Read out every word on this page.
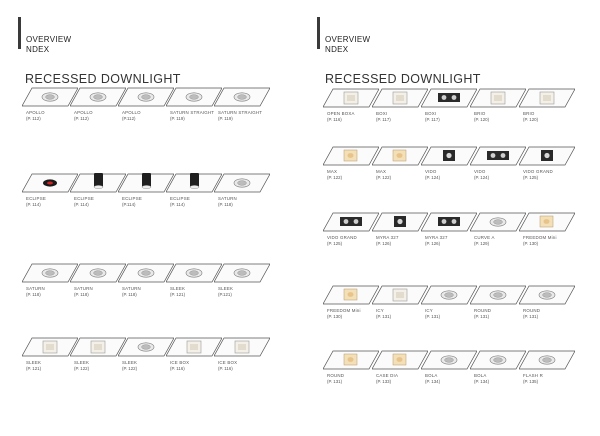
OVERVIEW
NDEX
RECESSED DOWNLIGHT
APOLLO
(P. 112)
APOLLO
(P. 112)
APOLLO
(P.112)
SATURN STRAIGHT
(P. 119)
SATURN STRAIGHT
(P. 119)
ECLIPSE
(P. 114)
ECLIPSE
(P. 114)
ECLIPSE
(P.114)
ECLIPSE
(P. 114)
SATURN
(P. 118)
SATURN
(P. 118)
SATURN
(P. 118)
SATURN
(P. 118)
SLEEK
(P. 121)
SLEEK
(P.121)
SLEEK
(P. 121)
SLEEK
(P. 122)
SLEEK
(P. 122)
ICE BOX
(P. 116)
ICE BOX
(P. 116)
OVERVIEW
NDEX
RECESSED DOWNLIGHT
OPEN BOXA
(P. 116)
BOXI
(P. 117)
BOXI
(P. 117)
BRIO
(P. 120)
BRIO
(P. 120)
MAX
(P. 122)
MAX
(P. 122)
VIDO
(P. 124)
VIDO
(P. 124)
VIDO GRAND
(P. 125)
VIDO GRAND
(P. 125)
MYRA 327
(P. 126)
MYRA 327
(P. 126)
CURVE A
(P. 129)
FREEDOM Mini
(P. 130)
FREEDOM Mini
(P. 130)
ICY
(P. 131)
ICY
(P. 131)
ROUND
(P. 131)
ROUND
(P. 131)
ROUND
(P. 131)
CASE DIA
(P. 133)
BOLA
(P. 134)
BOLA
(P. 134)
FLASH R
(P. 135)
